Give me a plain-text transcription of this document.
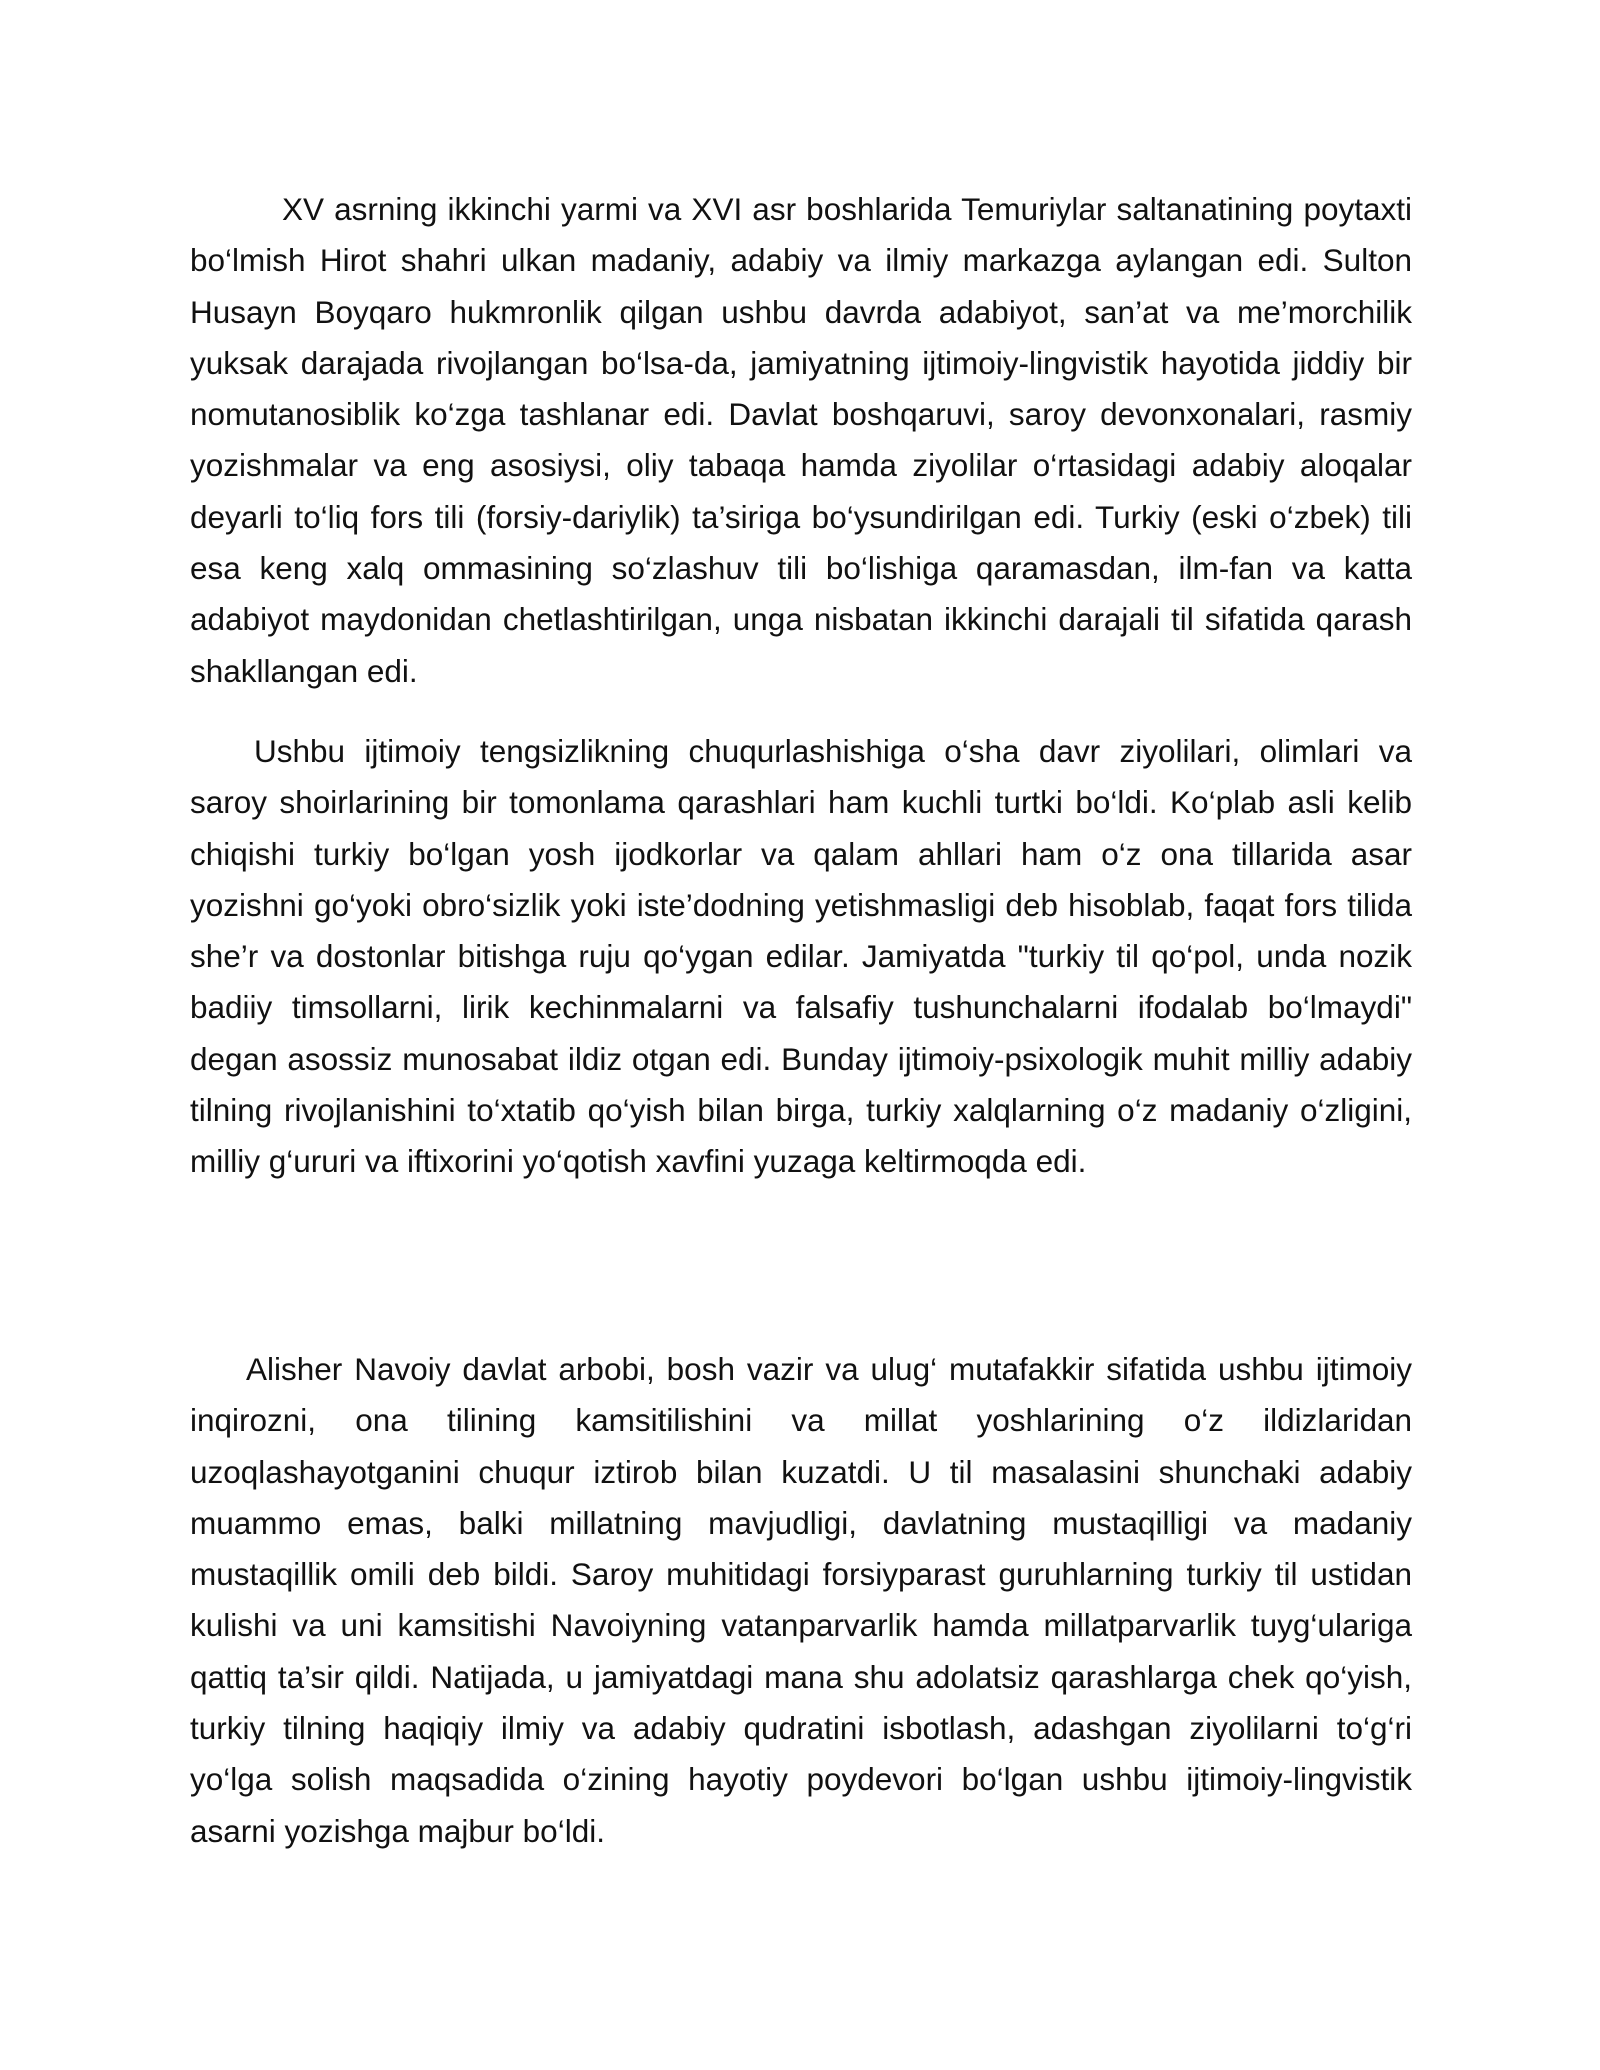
XV asrning ikkinchi yarmi va XVI asr boshlarida Temuriylar saltanatining poytaxti bo‘lmish Hirot shahri ulkan madaniy, adabiy va ilmiy markazga aylangan edi. Sulton Husayn Boyqaro hukmronlik qilgan ushbu davrda adabiyot, san’at va me’morchilik yuksak darajada rivojlangan bo‘lsa-da, jamiyatning ijtimoiy-lingvistik hayotida jiddiy bir nomutanosiblik ko‘zga tashlanar edi. Davlat boshqaruvi, saroy devonxonalari, rasmiy yozishmalar va eng asosiysi, oliy tabaqa hamda ziyolilar o‘rtasidagi adabiy aloqalar deyarli to‘liq fors tili (forsiy-dariylik) ta’siriga bo‘ysundirilgan edi. Turkiy (eski o‘zbek) tili esa keng xalq ommasining so‘zlashuv tili bo‘lishiga qaramasdan, ilm-fan va katta adabiyot maydonidan chetlashtirilgan, unga nisbatan ikkinchi darajali til sifatida qarash shakllangan edi.

Ushbu ijtimoiy tengsizlikning chuqurlashishiga o‘sha davr ziyolilari, olimlari va saroy shoirlarining bir tomonlama qarashlari ham kuchli turtki bo‘ldi. Ko‘plab asli kelib chiqishi turkiy bo‘lgan yosh ijodkorlar va qalam ahllari ham o‘z ona tillarida asar yozishni go‘yoki obro‘sizlik yoki iste’dodning yetishmasligi deb hisoblab, faqat fors tilida she’r va dostonlar bitishga ruju qo‘ygan edilar. Jamiyatda "turkiy til qo‘pol, unda nozik badiiy timsollarni, lirik kechinmalarni va falsafiy tushunchalarni ifodalab bo‘lmaydi" degan asossiz munosabat ildiz otgan edi. Bunday ijtimoiy-psixologik muhit milliy adabiy tilning rivojlanishini to‘xtatib qo‘yish bilan birga, turkiy xalqlarning o‘z madaniy o‘zligini, milliy g‘ururi va iftixorini yo‘qotish xavfini yuzaga keltirmoqda edi.

Alisher Navoiy davlat arbobi, bosh vazir va ulug‘ mutafakkir sifatida ushbu ijtimoiy inqirozni, ona tilining kamsitilishini va millat yoshlarining o‘z ildizlaridan uzoqlashayotganini chuqur iztirob bilan kuzatdi. U til masalasini shunchaki adabiy muammo emas, balki millatning mavjudligi, davlatning mustaqilligi va madaniy mustaqillik omili deb bildi. Saroy muhitidagi forsiyparast guruhlarning turkiy til ustidan kulishi va uni kamsitishi Navoiyning vatanparvarlik hamda millatparvarlik tuyg‘ulariga qattiq ta’sir qildi. Natijada, u jamiyatdagi mana shu adolatsiz qarashlarga chek qo‘yish, turkiy tilning haqiqiy ilmiy va adabiy qudratini isbotlash, adashgan ziyolilarni to‘g‘ri yo‘lga solish maqsadida o‘zining hayotiy poydevori bo‘lgan ushbu ijtimoiy-lingvistik asarni yozishga majbur bo‘ldi.
